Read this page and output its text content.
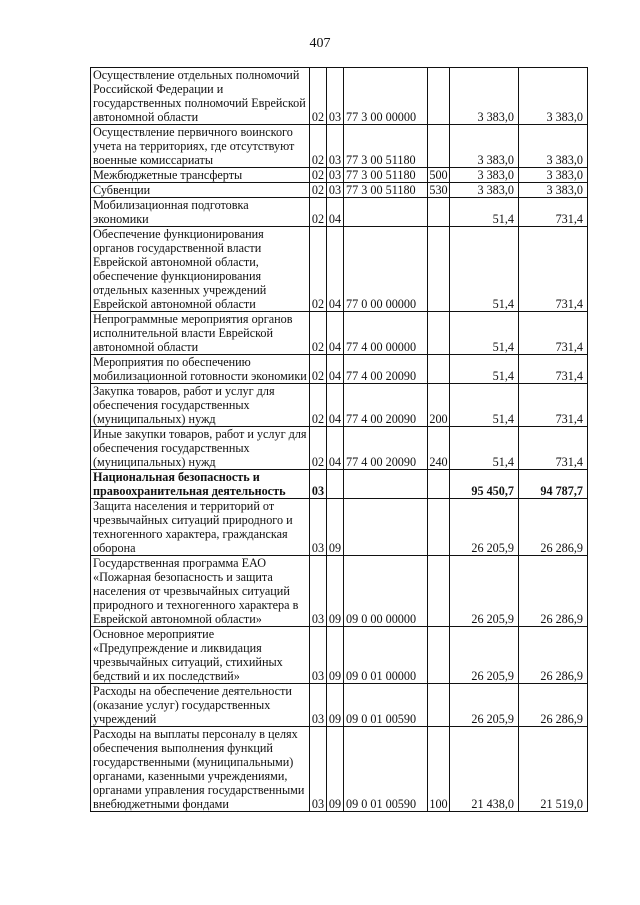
407
Осуществление отдельных полномочий Российской Федерации и государственных полномочий Еврейской автономной области	02	03	77 3 00 00000		3 383,0	3 383,0
Осуществление первичного воинского учета на территориях, где отсутствуют военные комиссариаты	02	03	77 3 00 51180		3 383,0	3 383,0
Межбюджетные трансферты	02	03	77 3 00 51180	500	3 383,0	3 383,0
Субвенции	02	03	77 3 00 51180	530	3 383,0	3 383,0
Мобилизационная подготовка экономики	02	04			51,4	731,4
Обеспечение функционирования органов государственной власти Еврейской автономной области, обеспечение функционирования отдельных казенных учреждений Еврейской автономной области	02	04	77 0 00 00000		51,4	731,4
Непрограммные мероприятия органов исполнительной власти Еврейской автономной области	02	04	77 4 00 00000		51,4	731,4
Мероприятия по обеспечению мобилизационной готовности экономики	02	04	77 4 00 20090		51,4	731,4
Закупка товаров, работ и услуг для обеспечения государственных (муниципальных) нужд	02	04	77 4 00 20090	200	51,4	731,4
Иные закупки товаров, работ и услуг для обеспечения государственных (муниципальных) нужд	02	04	77 4 00 20090	240	51,4	731,4
Национальная безопасность и правоохранительная деятельность	03				95 450,7	94 787,7
Защита населения и территорий от чрезвычайных ситуаций природного и техногенного характера, гражданская оборона	03	09			26 205,9	26 286,9
Государственная программа ЕАО «Пожарная безопасность и защита населения от чрезвычайных ситуаций природного и техногенного характера в Еврейской автономной области»	03	09	09 0 00 00000		26 205,9	26 286,9
Основное мероприятие «Предупреждение и ликвидация чрезвычайных ситуаций, стихийных бедствий и их последствий»	03	09	09 0 01 00000		26 205,9	26 286,9
Расходы на обеспечение деятельности (оказание услуг) государственных учреждений	03	09	09 0 01 00590		26 205,9	26 286,9
Расходы на выплаты персоналу в целях обеспечения выполнения функций государственными (муниципальными) органами, казенными учреждениями, органами управления государственными внебюджетными фондами	03	09	09 0 01 00590	100	21 438,0	21 519,0
